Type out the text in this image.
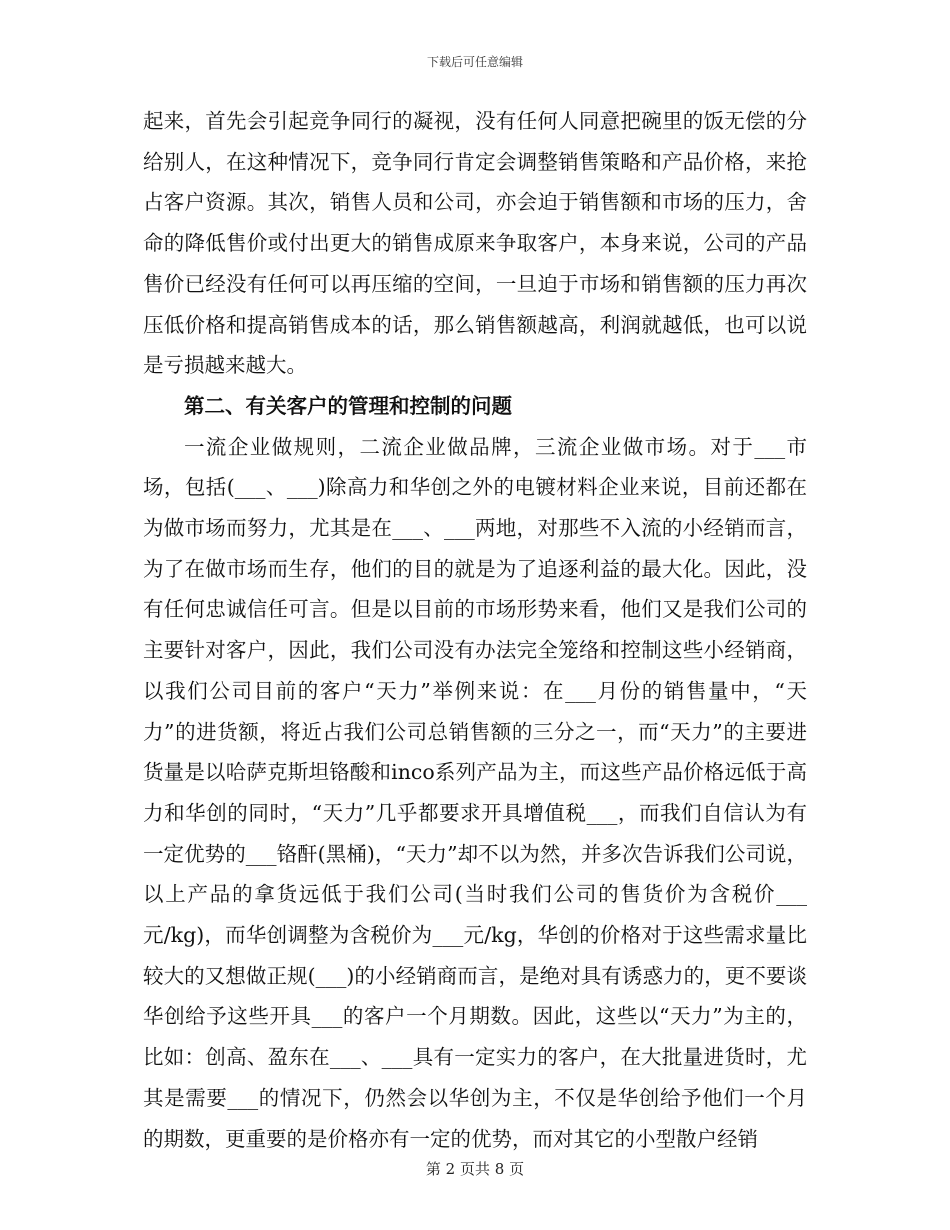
下载后可任意编辑

起来，首先会引起竞争同行的凝视，没有任何人同意把碗里的饭无偿的分给别人，在这种情况下，竞争同行肯定会调整销售策略和产品价格，来抢占客户资源。其次，销售人员和公司，亦会迫于销售额和市场的压力，舍命的降低售价或付出更大的销售成原来争取客户，本身来说，公司的产品售价已经没有任何可以再压缩的空间，一旦迫于市场和销售额的压力再次压低价格和提高销售成本的话，那么销售额越高，利润就越低，也可以说是亏损越来越大。

第二、有关客户的管理和控制的问题

一流企业做规则，二流企业做品牌，三流企业做市场。对于___市场，包括(___、___)除高力和华创之外的电镀材料企业来说，目前还都在为做市场而努力，尤其是在___、___两地，对那些不入流的小经销而言，为了在做市场而生存，他们的目的就是为了追逐利益的最大化。因此，没有任何忠诚信任可言。但是以目前的市场形势来看，他们又是我们公司的主要针对客户，因此，我们公司没有办法完全笼络和控制这些小经销商，以我们公司目前的客户“天力”举例来说：在___月份的销售量中，“天力”的进货额，将近占我们公司总销售额的三分之一，而“天力”的主要进货量是以哈萨克斯坦铬酸和inco系列产品为主，而这些产品价格远低于高力和华创的同时，“天力”几乎都要求开具增值税___，而我们自信认为有一定优势的___铬酐(黑桶)，“天力”却不以为然，并多次告诉我们公司说，以上产品的拿货远低于我们公司(当时我们公司的售货价为含税价___元/kg)，而华创调整为含税价为___元/kg，华创的价格对于这些需求量比较大的又想做正规(___)的小经销商而言，是绝对具有诱惑力的，更不要谈华创给予这些开具___的客户一个月期数。因此，这些以“天力”为主的，比如：创高、盈东在___、___具有一定实力的客户，在大批量进货时，尤其是需要___的情况下，仍然会以华创为主，不仅是华创给予他们一个月的期数，更重要的是价格亦有一定的优势，而对其它的小型散户经销

第 2 页共 8 页
